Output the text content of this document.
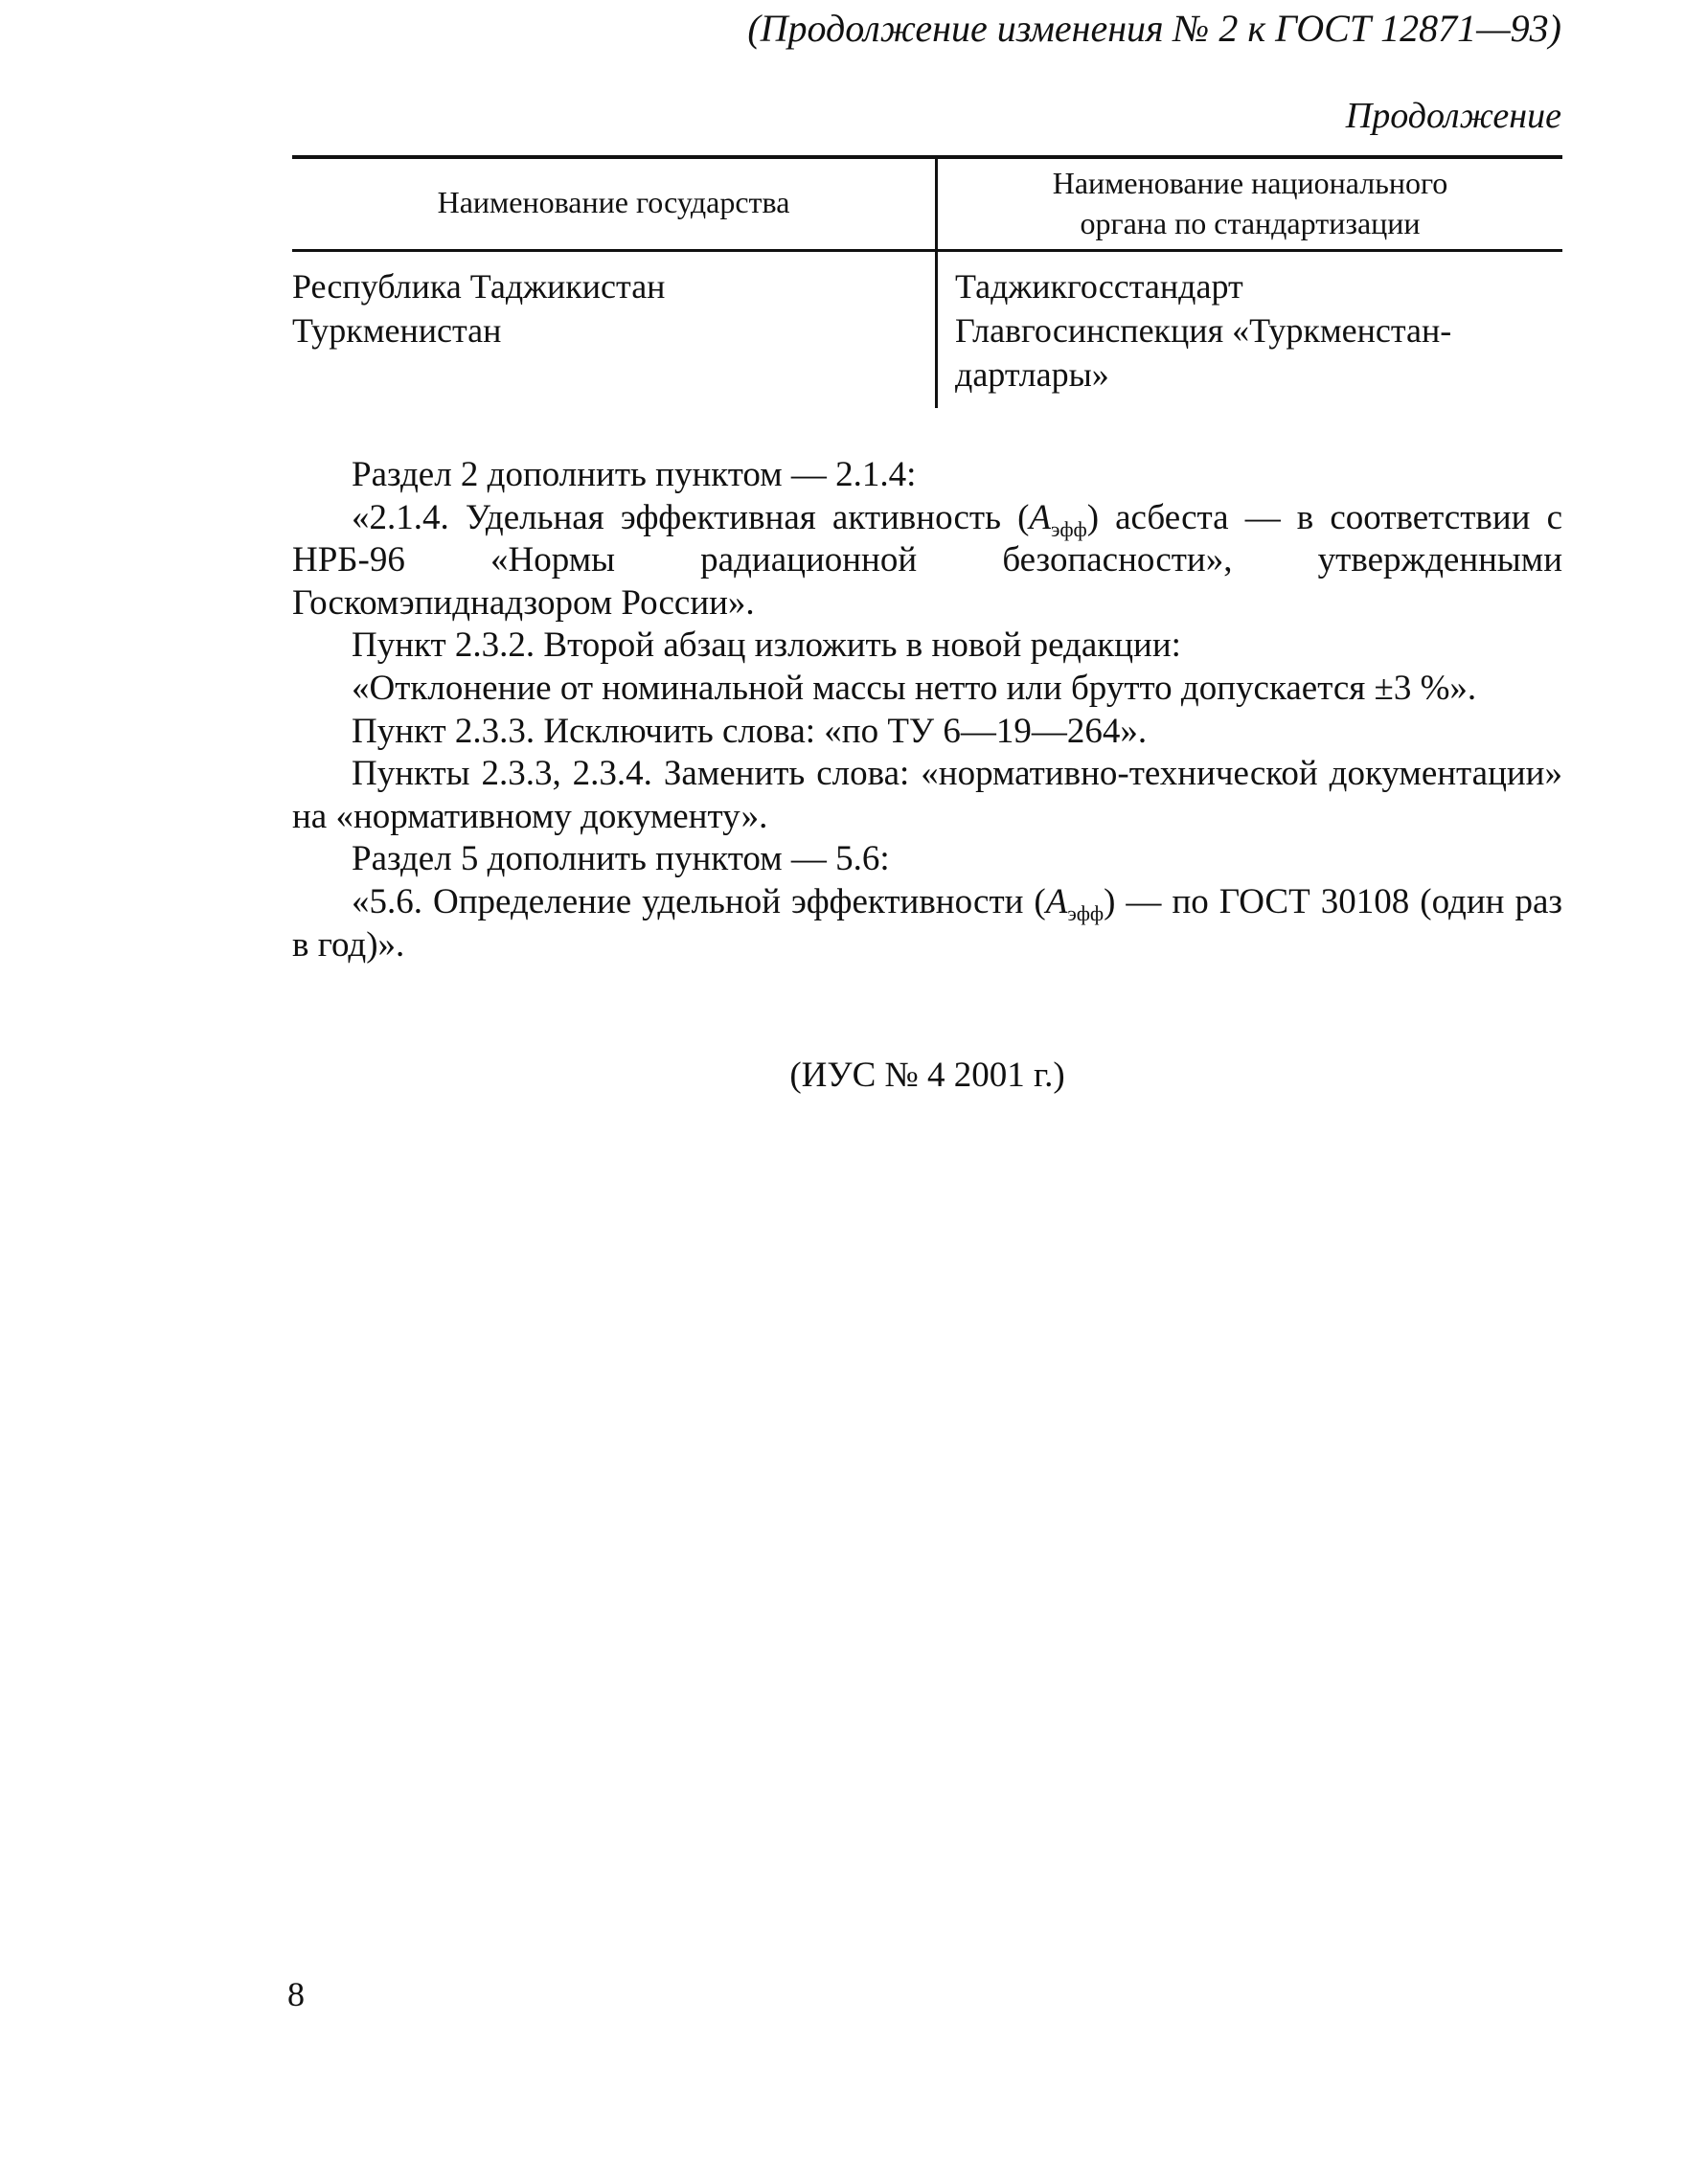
(Продолжение изменения № 2 к ГОСТ 12871—93)
Продолжение
Наименование государства
Наименование национального
органа по стандартизации
Республика Таджикистан
Туркменистан
Таджикгосстандарт
Главгосинспекция «Туркменстан-
дартлары»

Раздел 2 дополнить пунктом — 2.1.4:

«2.1.4. Удельная эффективная активность $(A_{эфф})$ асбеста — в соответствии с НРБ-96 «Нормы радиационной безопасности», утвержденными Госкомэпиднадзором России».

Пункт 2.3.2. Второй абзац изложить в новой редакции:

«Отклонение от номинальной массы нетто или брутто допускается ±3 %».

Пункт 2.3.3. Исключить слова: «по ТУ 6—19—264».

Пункты 2.3.3, 2.3.4. Заменить слова: «нормативно-технической документации» на «нормативному документу».

Раздел 5 дополнить пунктом — 5.6:

«5.6. Определение удельной эффективности $(A_{эфф})$ — по ГОСТ 30108 (один раз в год)».

(ИУС № 4 2001 г.)
8
